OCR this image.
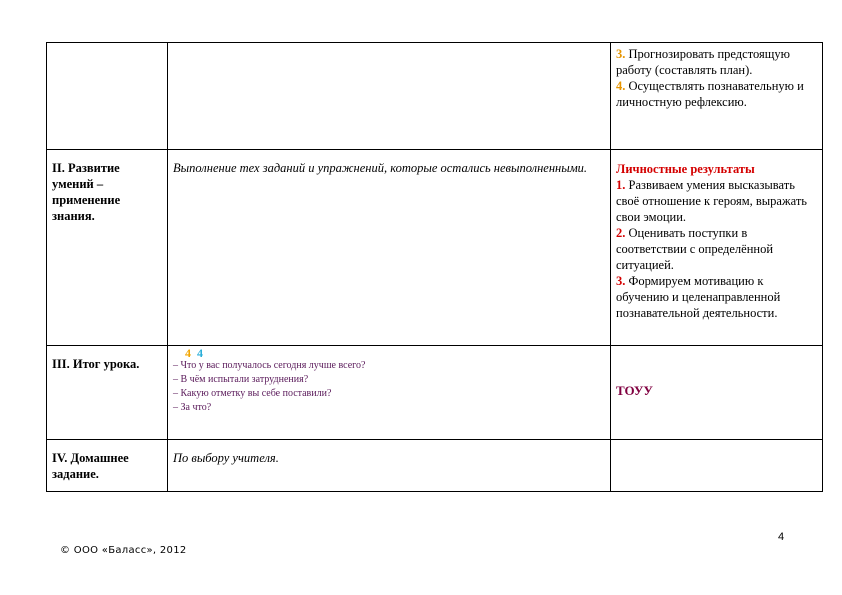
		3. Прогнозировать предстоящую работу (составлять план).
4. Осуществлять познавательную и личностную рефлексию.

II. Развитие умений – применение знания.	Выполнение тех заданий и упражнений, которые остались невыполненными.	Личностные результаты
1. Развиваем умения высказывать своё отношение к героям, выражать свои эмоции.
2. Оценивать поступки в соответствии с определённой ситуацией.
3. Формируем мотивацию к обучению и целенаправленной познавательной деятельности.

III. Итог урока.	4 4
– Что у вас получалось сегодня лучше всего?
– В чём испытали затруднения?
– Какую отметку вы себе поставили?
– За что?	ТОУУ

IV. Домашнее задание.	По выбору учителя.	
4
© ООО «Баласс», 2012
